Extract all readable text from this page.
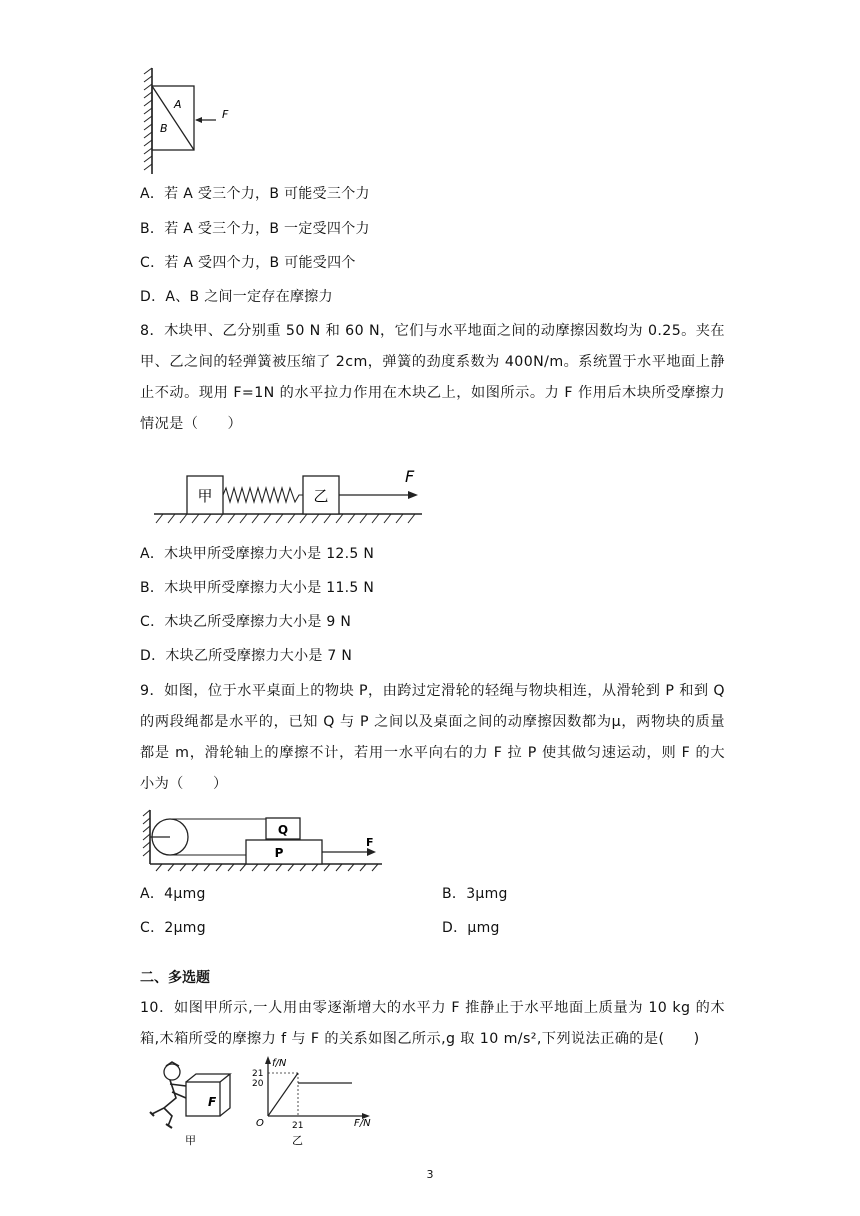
A
B
F
A．若 A 受三个力，B 可能受三个力
B．若 A 受三个力，B 一定受四个力
C．若 A 受四个力，B 可能受四个
D．A、B 之间一定存在摩擦力
8．木块甲、乙分别重 50 N 和 60 N，它们与水平地面之间的动摩擦因数均为 0.25。夹在甲、乙之间的轻弹簧被压缩了 2cm，弹簧的劲度系数为 400N/m。系统置于水平地面上静止不动。现用 F=1N 的水平拉力作用在木块乙上，如图所示。力 F 作用后木块所受摩擦力情况是（　　）
甲	乙
F
A．木块甲所受摩擦力大小是 12.5 N
B．木块甲所受摩擦力大小是 11.5 N
C．木块乙所受摩擦力大小是 9 N
D．木块乙所受摩擦力大小是 7 N
9．如图，位于水平桌面上的物块 P，由跨过定滑轮的轻绳与物块相连，从滑轮到 P 和到 Q 的两段绳都是水平的，已知 Q 与 P 之间以及桌面之间的动摩擦因数都为μ，两物块的质量都是 m，滑轮轴上的摩擦不计，若用一水平向右的力 F 拉 P 使其做匀速运动，则 F 的大小为（　　）
Q
P
F
A．4μmg	B．3μmg
C．2μmg	D．μmg
二、多选题
10．如图甲所示,一人用由零逐渐增大的水平力 F 推静止于水平地面上质量为 10 kg 的木箱,木箱所受的摩擦力 f 与 F 的关系如图乙所示,g 取 10 m/s²,下列说法正确的是(　　)
F
甲
f/N
21
20
21
O	F/N
乙
3
